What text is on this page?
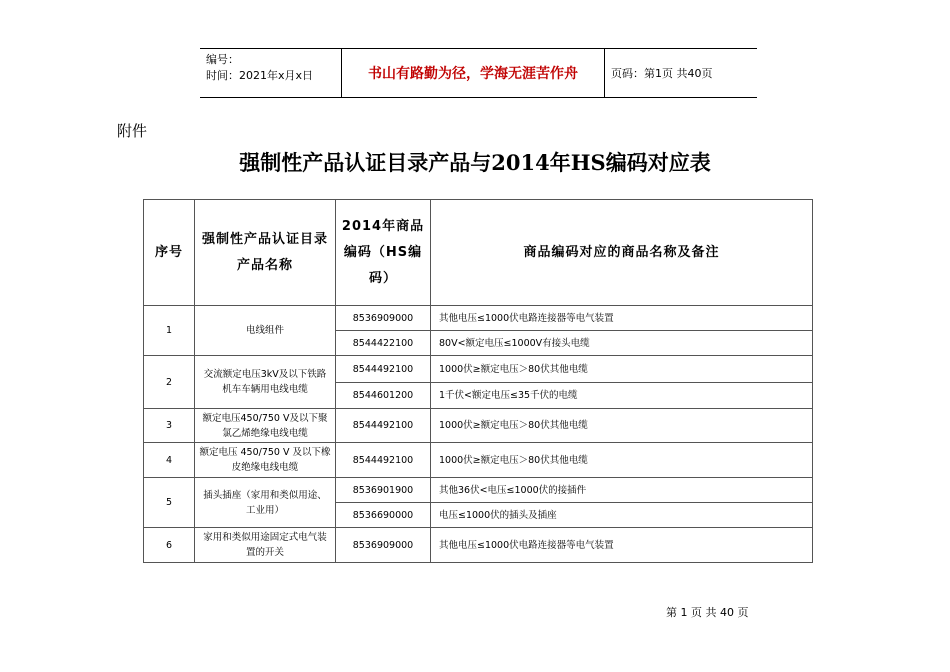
编号：
时间：2021年x月x日	书山有路勤为径，学海无涯苦作舟	页码：第1页 共40页
附件
强制性产品认证目录产品与2014年HS编码对应表
序号	强制性产品认证目录产品名称	2014年商品编码（HS编码）	商品编码对应的商品名称及备注
1	电线组件	8536909000	其他电压≤1000伏电路连接器等电气装置
		8544422100	80V<额定电压≤1000V有接头电缆
2	交流额定电压3kV及以下铁路机车车辆用电线电缆	8544492100	1000伏≥额定电压＞80伏其他电缆
		8544601200	1千伏<额定电压≤35千伏的电缆
3	额定电压450/750 V及以下聚氯乙烯绝缘电线电缆	8544492100	1000伏≥额定电压＞80伏其他电缆
4	额定电压 450/750 V 及以下橡皮绝缘电线电缆	8544492100	1000伏≥额定电压＞80伏其他电缆
5	插头插座（家用和类似用途、工业用）	8536901900	其他36伏<电压≤1000伏的接插件
		8536690000	电压≤1000伏的插头及插座
6	家用和类似用途固定式电气装置的开关	8536909000	其他电压≤1000伏电路连接器等电气装置
第 1 页 共 40 页
